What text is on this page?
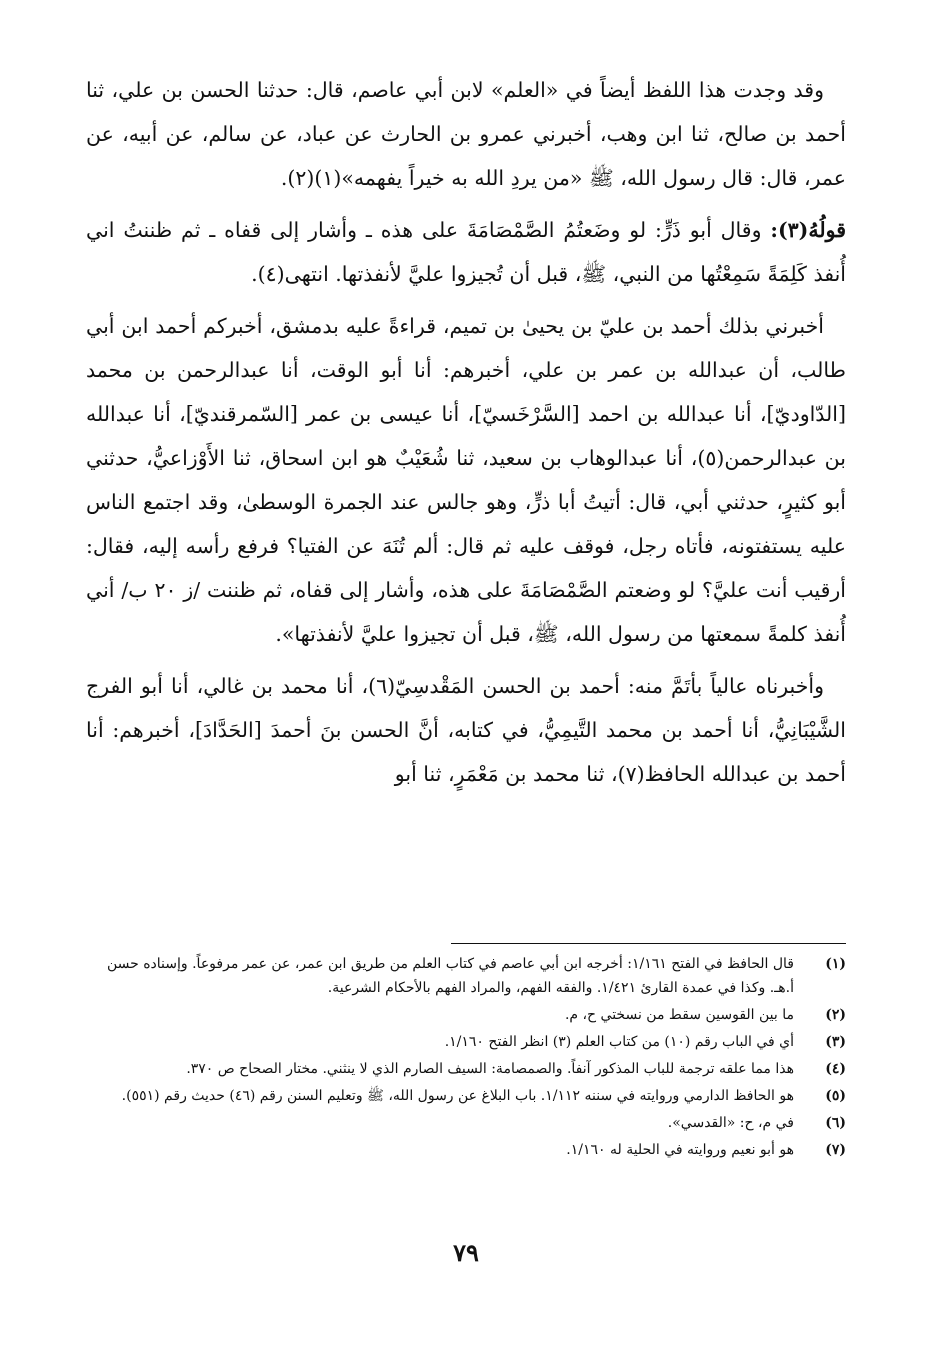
وقد وجدت هذا اللفظ أيضاً في «العلم» لابن أبي عاصم، قال: حدثنا الحسن بن علي، ثنا أحمد بن صالح، ثنا ابن وهب، أخبرني عمرو بن الحارث عن عباد، عن سالم، عن أبيه، عن عمر، قال: قال رسول الله، ﷺ «من يردِ الله به خيراً يفهمه»(١)(٢).

قولُهُ(٣): وقال أبو ذَرٍّ: لو وضَعتُمُ الصَّمْصَامَةَ على هذه ـ وأشار إلى قفاه ـ ثم ظننتُ اني أُنفذ كَلِمَةً سَمِعْتُها من النبي، ﷺ، قبل أن تُجيزوا عليَّ لأنفذتها. انتهى(٤).

أخبرني بذلك أحمد بن عليّ بن يحيىٰ بن تميم، قراءةً عليه بدمشق، أخبركم أحمد ابن أبي طالب، أن عبدالله بن عمر بن علي، أخبرهم: أنا أبو الوقت، أنا عبدالرحمن بن محمد [الدّاوديّ]، أنا عبدالله بن احمد [السَّرْخَسيّ]، أنا عيسى بن عمر [السّمرقنديّ]، أنا عبدالله بن عبدالرحمن(٥)، أنا عبدالوهاب بن سعيد، ثنا شُعَيْبٌ هو ابن اسحاق، ثنا الأَوْزاعيُّ، حدثني أبو كثيرٍ، حدثني أبي، قال: أتيتُ أبا ذرٍّ، وهو جالس عند الجمرة الوسطىٰ، وقد اجتمع الناس عليه يستفتونه، فأتاه رجل، فوقف عليه ثم قال: ألم تُنَهَ عن الفتيا؟ فرفع رأسه إليه، فقال: أرقيب أنت عليَّ؟ لو وضعتم الصَّمْصَامَةَ على هذه، وأشار إلى قفاه، ثم ظننت /ز ٢٠ ب/ أني أُنفذ كلمةً سمعتها من رسول الله، ﷺ، قبل أن تجيزوا عليَّ لأنفذتها».

وأخبرناه عالياً بأتَمَّ منه: أحمد بن الحسن المَقْدسِيّ(٦)، أنا محمد بن غالي، أنا أبو الفرج الشَّيْبَانِيُّ، أنا أحمد بن محمد التَّيمِيُّ، في كتابه، أنَّ الحسن بنَ أحمدَ [الحَدَّادَ]، أخبرهم: أنا أحمد بن عبدالله الحافظ(٧)، ثنا محمد بن مَعْمَرٍ، ثنا أبو

(١)
قال الحافظ في الفتح ١/١٦١: أخرجه ابن أبي عاصم في كتاب العلم من طريق ابن عمر، عن عمر مرفوعاً. وإسناده حسن أ.هـ. وكذا في عمدة القارئ ١/٤٢١. والفقه الفهم، والمراد الفهم بالأحكام الشرعية.
(٢)
ما بين القوسين سقط من نسختي ح، م.
(٣)
أي في الباب رقم (١٠) من كتاب العلم (٣) انظر الفتح ١/١٦٠.
(٤)
هذا مما علقه ترجمة للباب المذكور آنفاً. والصمصامة: السيف الصارم الذي لا ينثني. مختار الصحاح ص ٣٧٠.
(٥)
هو الحافظ الدارمي وروايته في سننه ١/١١٢. باب البلاغ عن رسول الله، ﷺ وتعليم السنن رقم (٤٦) حديث رقم (٥٥١).
(٦)
في م، ح: «القدسي».
(٧)
هو أبو نعيم وروايته في الحلية له ١/١٦٠.
٧٩
